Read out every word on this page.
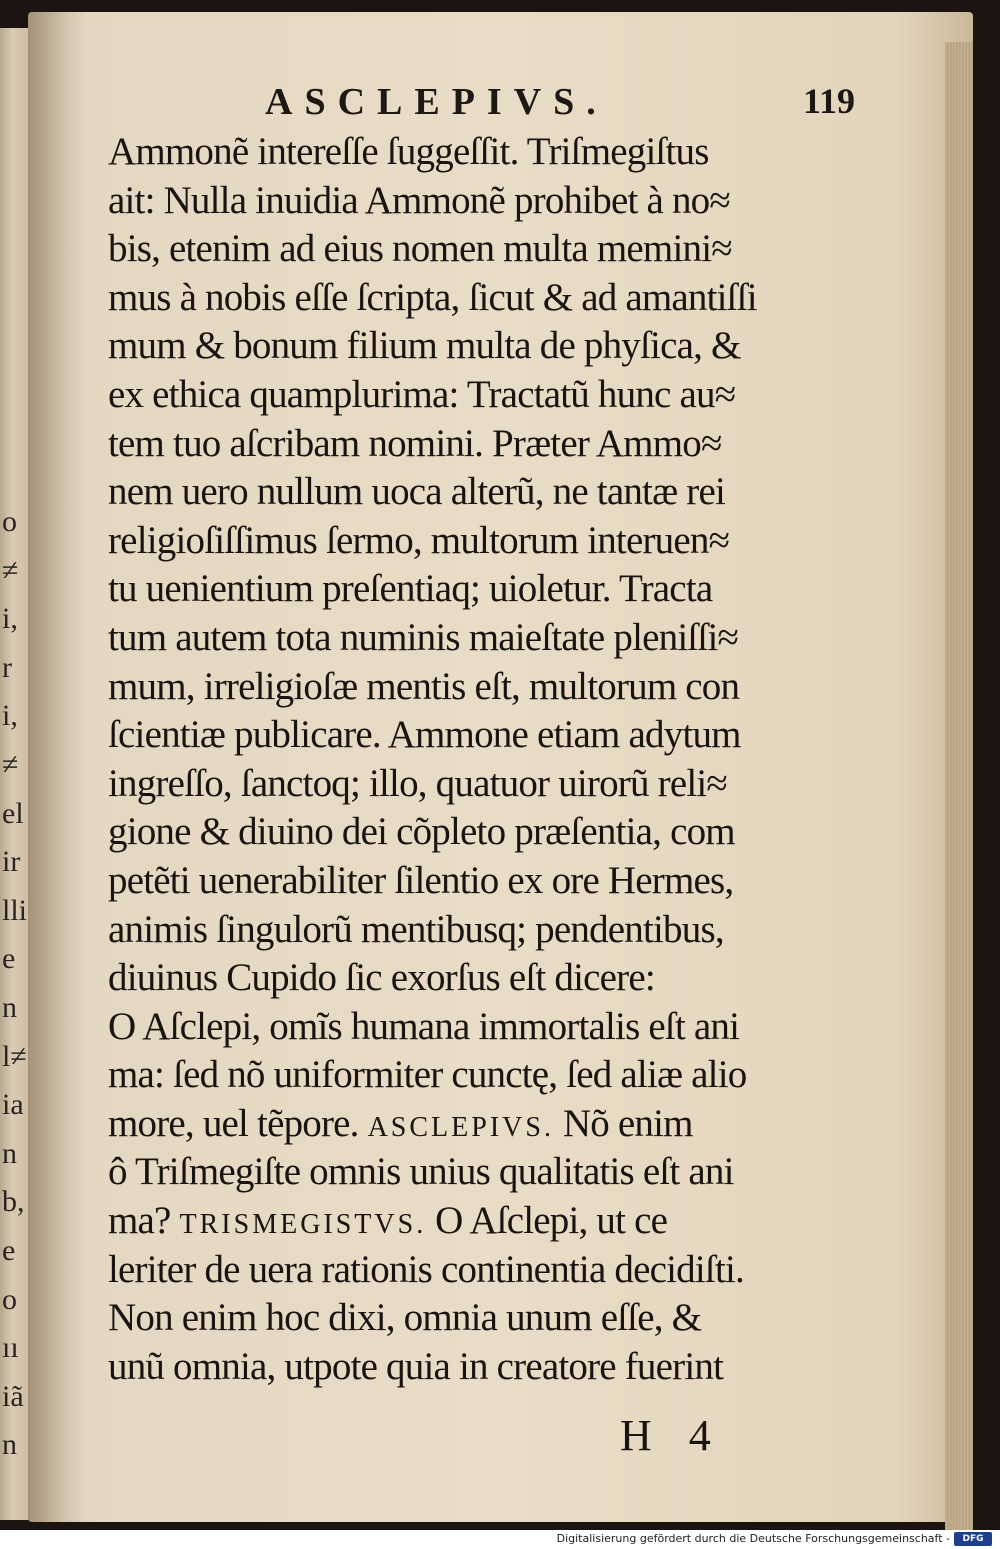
o
≠
i,
r
i,
≠
el
ir
lli
e
n
l≠
ia
n
b,
e
o
ıı
iã
n
ASCLEPIVS.	119
Ammonẽ intereſſe ſuggeſſit. Triſmegiſtus
ait: Nulla inuidia Ammonẽ prohibet à no≈
bis, etenim ad eius nomen multa memini≈
mus à nobis eſſe ſcripta, ſicut & ad amantiſſi
mum & bonum filium multa de phyſica, &
ex ethica quamplurima: Tractatũ hunc au≈
tem tuo aſcribam nomini. Præter Ammo≈
nem uero nullum uoca alterũ, ne tantæ rei
religioſiſſimus ſermo, multorum interuen≈
tu uenientium preſentiaq; uioletur. Tracta
tum autem tota numinis maieſtate pleniſſi≈
mum, irreligioſæ mentis eſt, multorum con
ſcientiæ publicare. Ammone etiam adytum
ingreſſo, ſanctoq; illo, quatuor uirorũ reli≈
gione & diuino dei cõpleto præſentia, com
petẽti uenerabiliter ſilentio ex ore Hermes,
animis ſingulorũ mentibusq; pendentibus,
diuinus Cupido ſic exorſus eſt dicere:
O Aſclepi, omĩs humana immortalis eſt ani
ma: ſed nõ uniformiter cunctę, ſed aliæ alio
more, uel tẽpore. ASCLEPIVS. Nõ enim
ô Triſmegiſte omnis unius qualitatis eſt ani
ma? TRISMEGISTVS. O Aſclepi, ut ce
leriter de uera rationis continentia decidiſti.
Non enim hoc dixi, omnia unum eſſe, &
unũ omnia, utpote quia in creatore fuerint
H 4
Digitalisierung gefördert durch die Deutsche Forschungsgemeinschaft -	DFG
